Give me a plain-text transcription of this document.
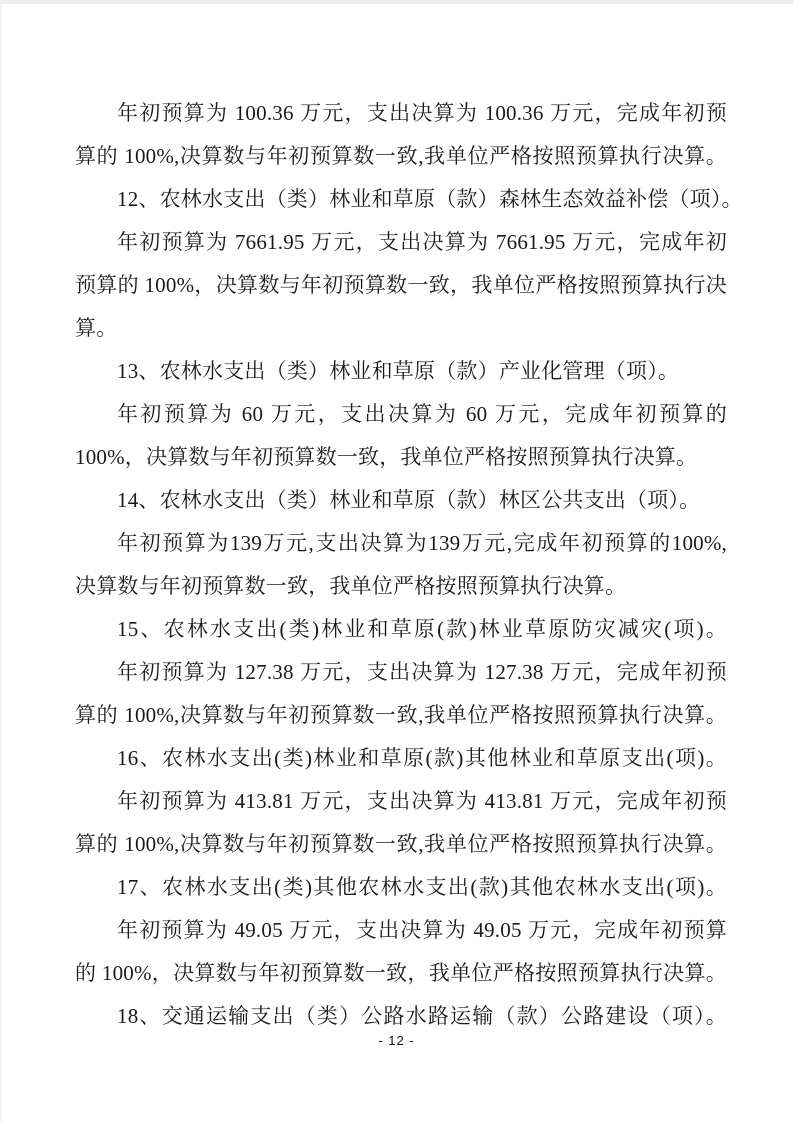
年初预算为 100.36 万元，支出决算为 100.36 万元，完成年初预
算的 100%,决算数与年初预算数一致,我单位严格按照预算执行决算。
12、农林水支出（类）林业和草原（款）森林生态效益补偿（项）。
年初预算为 7661.95 万元，支出决算为 7661.95 万元，完成年初
预算的 100%，决算数与年初预算数一致，我单位严格按照预算执行决
算。
13、农林水支出（类）林业和草原（款）产业化管理（项）。
年初预算为 60 万元，支出决算为 60 万元，完成年初预算的
100%，决算数与年初预算数一致，我单位严格按照预算执行决算。
14、农林水支出（类）林业和草原（款）林区公共支出（项）。
年初预算为139万元,支出决算为139万元,完成年初预算的100%,
决算数与年初预算数一致，我单位严格按照预算执行决算。
15、农林水支出(类)林业和草原(款)林业草原防灾减灾(项)。
年初预算为 127.38 万元，支出决算为 127.38 万元，完成年初预
算的 100%,决算数与年初预算数一致,我单位严格按照预算执行决算。
16、农林水支出(类)林业和草原(款)其他林业和草原支出(项)。
年初预算为 413.81 万元，支出决算为 413.81 万元，完成年初预
算的 100%,决算数与年初预算数一致,我单位严格按照预算执行决算。
17、农林水支出(类)其他农林水支出(款)其他农林水支出(项)。
年初预算为 49.05 万元，支出决算为 49.05 万元，完成年初预算
的 100%，决算数与年初预算数一致，我单位严格按照预算执行决算。
18、交通运输支出（类）公路水路运输（款）公路建设（项）。
- 12 -
